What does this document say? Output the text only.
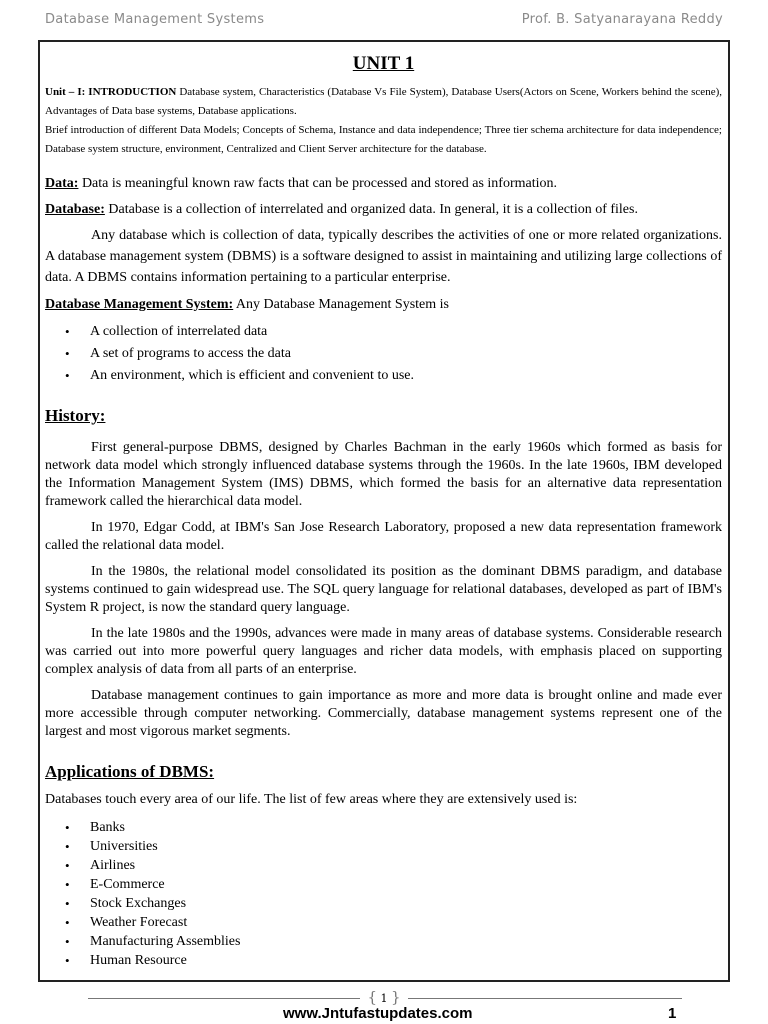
Database Management Systems	Prof. B. Satyanarayana Reddy
UNIT 1

Unit – I: INTRODUCTION Database system, Characteristics (Database Vs File System), Database Users(Actors on Scene, Workers behind the scene), Advantages of Data base systems, Database applications.

Brief introduction of different Data Models; Concepts of Schema, Instance and data independence; Three tier schema architecture for data independence; Database system structure, environment, Centralized and Client Server architecture for the database.

Data: Data is meaningful known raw facts that can be processed and stored as information.

Database: Database is a collection of interrelated and organized data. In general, it is a collection of files.

Any database which is collection of data, typically describes the activities of one or more related organizations. A database management system (DBMS) is a software designed to assist in maintaining and utilizing large collections of data. A DBMS contains information pertaining to a particular enterprise.

Database Management System: Any Database Management System is

• A collection of interrelated data
• A set of programs to access the data
• An environment, which is efficient and convenient to use.
History:

First general-purpose DBMS, designed by Charles Bachman in the early 1960s which formed as basis for network data model which strongly influenced database systems through the 1960s. In the late 1960s, IBM developed the Information Management System (IMS) DBMS, which formed the basis for an alternative data representation framework called the hierarchical data model.

In 1970, Edgar Codd, at IBM's San Jose Research Laboratory, proposed a new data representation framework called the relational data model.

In the 1980s, the relational model consolidated its position as the dominant DBMS paradigm, and database systems continued to gain widespread use. The SQL query language for relational databases, developed as part of IBM's System R project, is now the standard query language.

In the late 1980s and the 1990s, advances were made in many areas of database systems. Considerable research was carried out into more powerful query languages and richer data models, with emphasis placed on supporting complex analysis of data from all parts of an enterprise.

Database management continues to gain importance as more and more data is brought online and made ever more accessible through computer networking. Commercially, database management systems represent one of the largest and most vigorous market segments.

Applications of DBMS:

Databases touch every area of our life. The list of few areas where they are extensively used is:

• Banks
• Universities
• Airlines
• E-Commerce
• Stock Exchanges
• Weather Forecast
• Manufacturing Assemblies
• Human Resource
{ 1 }
www.Jntufastupdates.com	1
